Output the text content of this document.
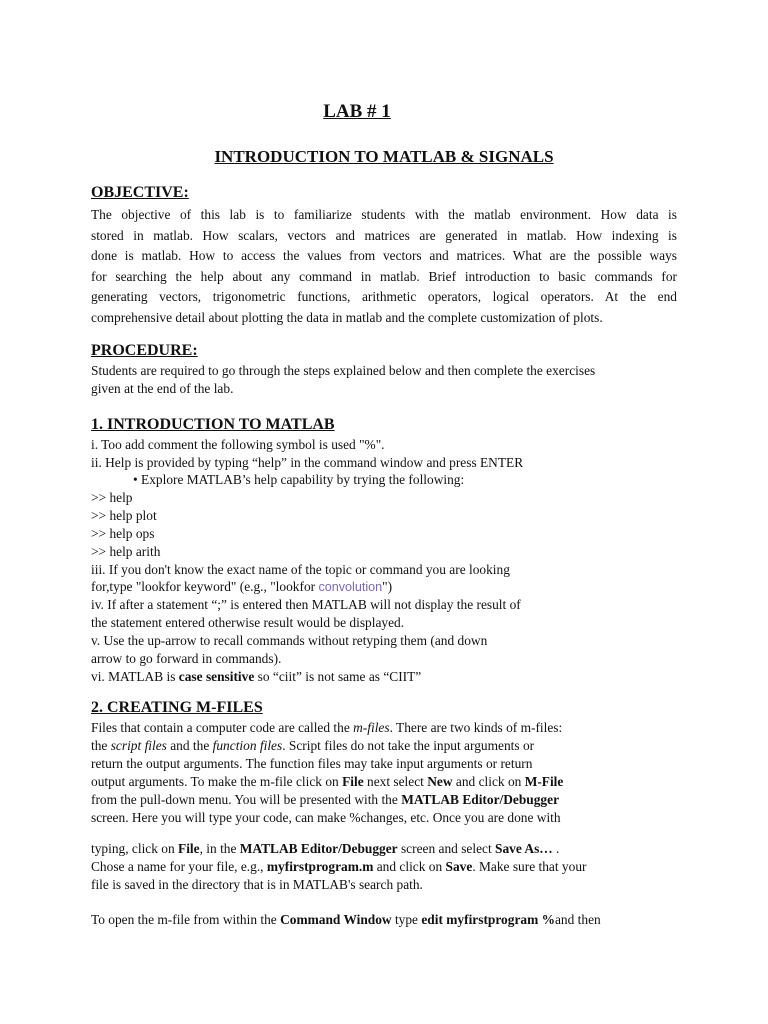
LAB # 1
INTRODUCTION TO MATLAB & SIGNALS
OBJECTIVE:
The objective of this lab is to familiarize students with the matlab environment. How data is
stored in matlab. How scalars, vectors and matrices are generated in matlab. How indexing is
done is matlab. How to access the values from vectors and matrices. What are the possible ways
for searching the help about any command in matlab. Brief introduction to basic commands for
generating vectors, trigonometric functions, arithmetic operators, logical operators. At the end
comprehensive detail about plotting the data in matlab and the complete customization of plots.
PROCEDURE:
Students are required to go through the steps explained below and then complete the exercises
given at the end of the lab.
1. INTRODUCTION TO MATLAB
i. Too add comment the following symbol is used "%".
ii. Help is provided by typing “help” in the command window and press ENTER
• Explore MATLAB’s help capability by trying the following:
>> help
>> help plot
>> help ops
>> help arith
iii. If you don't know the exact name of the topic or command you are looking
for,type "lookfor keyword" (e.g., "lookfor convolution")
iv. If after a statement “;” is entered then MATLAB will not display the result of
the statement entered otherwise result would be displayed.
v. Use the up-arrow to recall commands without retyping them (and down
arrow to go forward in commands).
vi. MATLAB is case sensitive so “ciit” is not same as “CIIT”
2. CREATING M-FILES
Files that contain a computer code are called the m-files. There are two kinds of m-files:
the script files and the function files. Script files do not take the input arguments or
return the output arguments. The function files may take input arguments or return
output arguments. To make the m-file click on File next select New and click on M-File
from the pull-down menu. You will be presented with the MATLAB Editor/Debugger
screen. Here you will type your code, can make %changes, etc. Once you are done with
typing, click on File, in the MATLAB Editor/Debugger screen and select Save As… .
Chose a name for your file, e.g., myfirstprogram.m and click on Save. Make sure that your
file is saved in the directory that is in MATLAB's search path.
To open the m-file from within the Command Window type edit myfirstprogram %and then
